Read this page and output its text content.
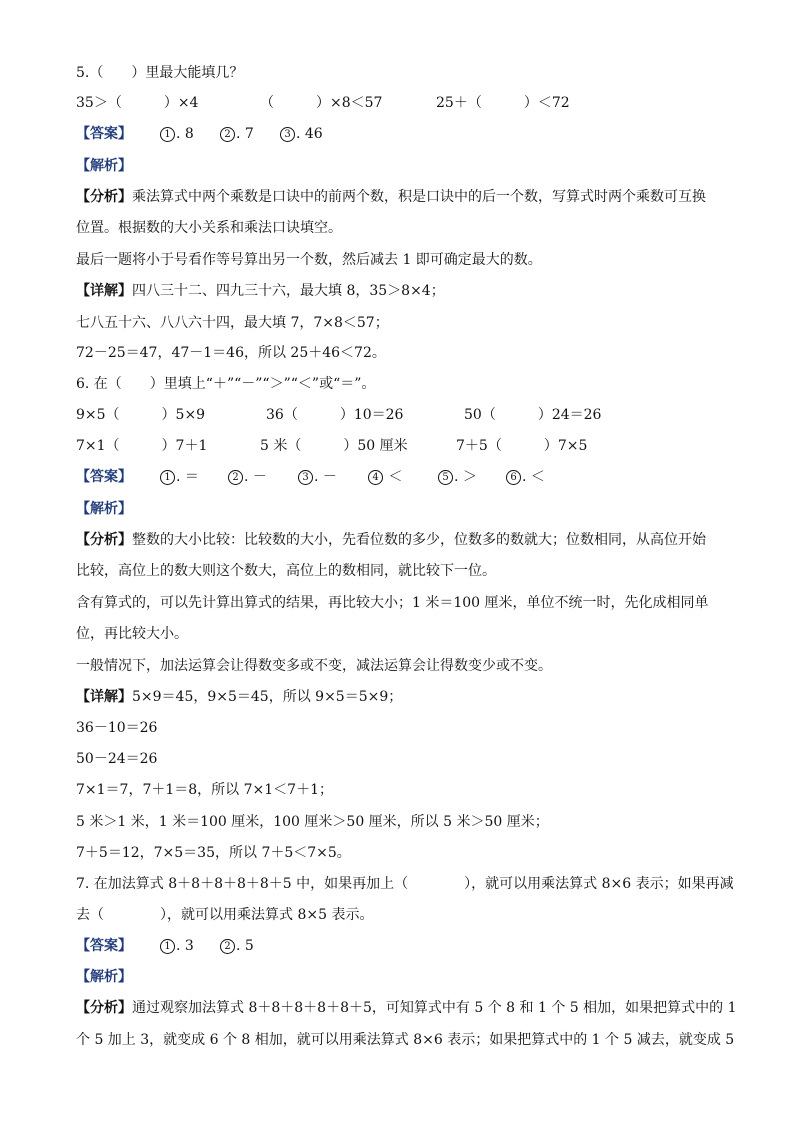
5.（　　）里最大能填几？
35＞（　　　）×4	（　　　）×8＜57	25＋（　　　）＜72
【答案】	1 . 8	2 . 7	3 . 46
【解析】
【分析】乘法算式中两个乘数是口诀中的前两个数，积是口诀中的后一个数，写算式时两个乘数可互换
位置。根据数的大小关系和乘法口诀填空。
最后一题将小于号看作等号算出另一个数，然后减去 1 即可确定最大的数。
【详解】四八三十二、四九三十六，最大填 8，35＞8×4；
七八五十六、八八六十四，最大填 7，7×8＜57；
72－25＝47，47－1＝46，所以 25＋46＜72。
6. 在（　　）里填上“＋”“－”“＞”“＜”或“＝”。
9×5（　　　）5×9	36（　　　）10＝26	50（　　　）24＝26
7×1（　　　）7＋1	5 米（　　　）50 厘米	7＋5（　　　）7×5
【答案】	1 . ＝	2 . －	3 . －	4 ＜	5 . ＞	6 . ＜
【解析】
【分析】整数的大小比较：比较数的大小，先看位数的多少，位数多的数就大；位数相同，从高位开始
比较，高位上的数大则这个数大，高位上的数相同，就比较下一位。
含有算式的，可以先计算出算式的结果，再比较大小；1 米＝100 厘米，单位不统一时，先化成相同单
位，再比较大小。
一般情况下，加法运算会让得数变多或不变，减法运算会让得数变少或不变。
【详解】5×9＝45，9×5＝45，所以 9×5＝5×9；
36－10＝26
50－24＝26
7×1＝7，7＋1＝8，所以 7×1＜7＋1；
5 米＞1 米，1 米＝100 厘米，100 厘米＞50 厘米，所以 5 米＞50 厘米；
7＋5＝12，7×5＝35，所以 7＋5＜7×5。
7. 在加法算式 8＋8＋8＋8＋8＋5 中，如果再加上（　　　　），就可以用乘法算式 8×6 表示；如果再减
去（　　　　），就可以用乘法算式 8×5 表示。
【答案】	1 . 3	2 . 5
【解析】
【分析】通过观察加法算式 8＋8＋8＋8＋8＋5，可知算式中有 5 个 8 和 1 个 5 相加，如果把算式中的 1
个 5 加上 3，就变成 6 个 8 相加，就可以用乘法算式 8×6 表示；如果把算式中的 1 个 5 减去，就变成 5
